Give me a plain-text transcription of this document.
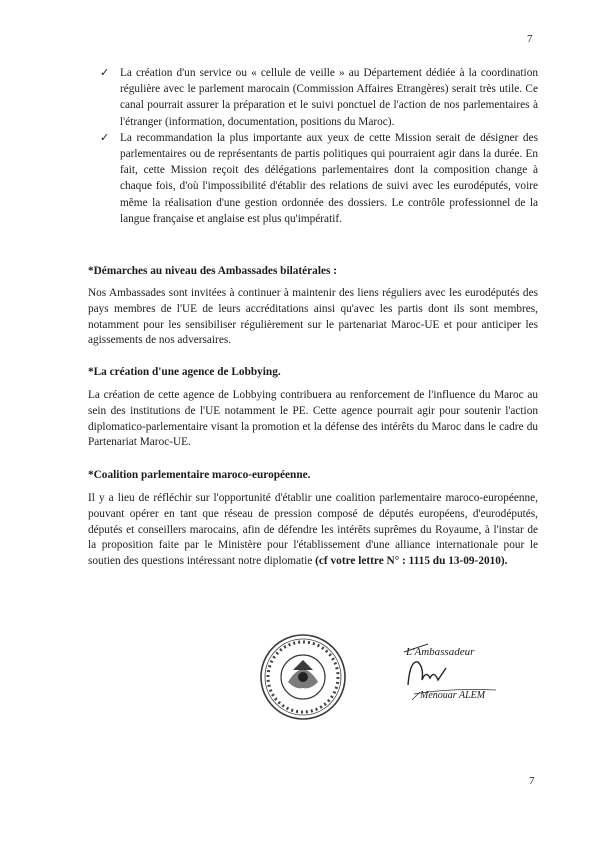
7
✓ La création d'un service ou « cellule de veille » au Département dédiée à la coordination régulière avec le parlement marocain (Commission Affaires Etrangères) serait très utile. Ce canal pourrait assurer la préparation et le suivi ponctuel de l'action de nos parlementaires à l'étranger (information, documentation, positions du Maroc).

✓ La recommandation la plus importante aux yeux de cette Mission serait de désigner des parlementaires ou de représentants de partis politiques qui pourraient agir dans la durée. En fait, cette Mission reçoit des délégations parlementaires dont la composition change à chaque fois, d'où l'impossibilité d'établir des relations de suivi avec les eurodéputés, voire même la réalisation d'une gestion ordonnée des dossiers. Le contrôle professionnel de la langue française et anglaise est plus qu'impératif.

*Démarches au niveau des Ambassades bilatérales :

Nos Ambassades sont invitées à continuer à maintenir des liens réguliers avec les eurodéputés des pays membres de l'UE de leurs accréditations ainsi qu'avec les partis dont ils sont membres, notamment pour les sensibiliser régulièrement sur le partenariat Maroc-UE et pour anticiper les agissements de nos adversaires.

*La création d'une agence de Lobbying.

La création de cette agence de Lobbying contribuera au renforcement de l'influence du Maroc au sein des institutions de l'UE notamment le PE. Cette agence pourrait agir pour soutenir l'action diplomatico-parlementaire visant la promotion et la défense des intérêts du Maroc dans le cadre du Partenariat Maroc-UE.

*Coalition parlementaire maroco-européenne.

Il y a lieu de réfléchir sur l'opportunité d'établir une coalition parlementaire maroco-européenne, pouvant opérer en tant que réseau de pression composé de députés européens, d'eurodéputés, députés et conseillers marocains, afin de défendre les intérêts suprêmes du Royaume, à l'instar de la proposition faite par le Ministère pour l'établissement d'une alliance internationale pour le soutien des questions intéressant notre diplomatie (cf votre lettre N° : 1115 du 13-09-2010).

L'Ambassadeur
Menouar ALEM
7
